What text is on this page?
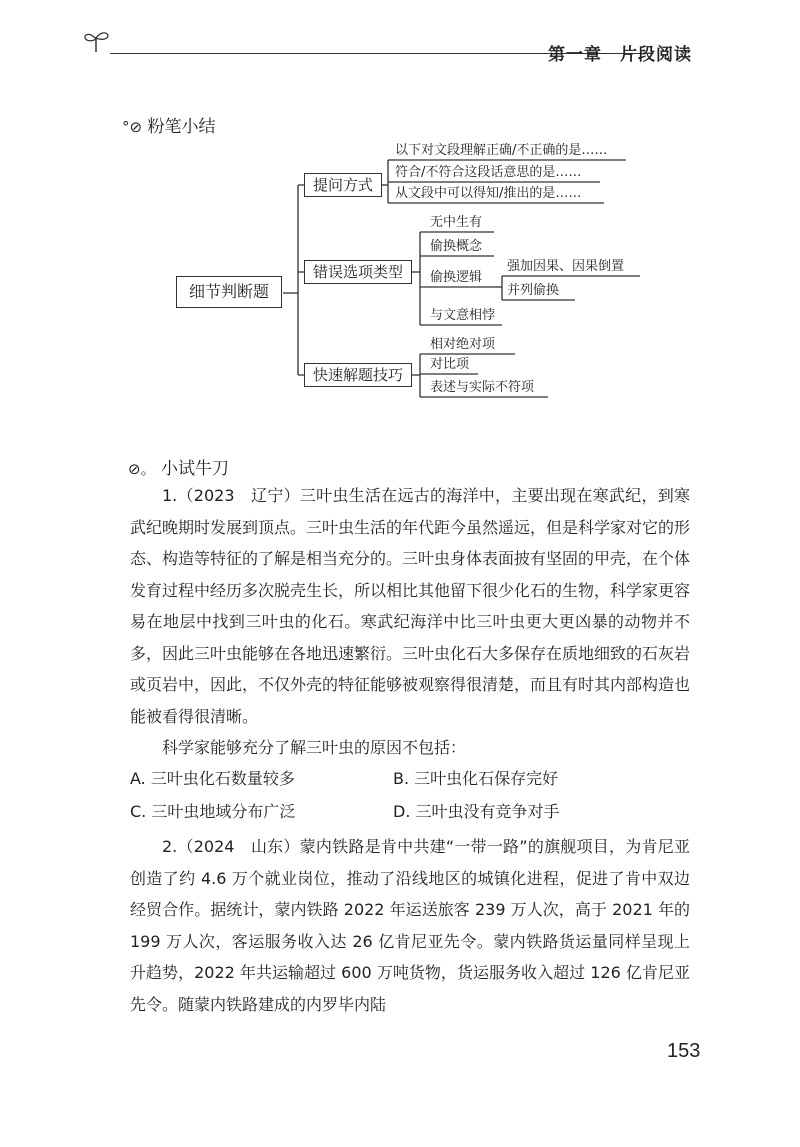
第一章　片段阅读
°⊘ 粉笔小结
细节判断题
提问方式
错误选项类型
快速解题技巧
以下对文段理解正确/不正确的是……
符合/不符合这段话意思的是……
从文段中可以得知/推出的是……
无中生有
偷换概念
偷换逻辑
与文意相悖
强加因果、因果倒置
并列偷换
相对绝对项
对比项
表述与实际不符项
⊘。 小试牛刀
1.（2023　辽宁）三叶虫生活在远古的海洋中，主要出现在寒武纪，到寒武纪晚期时发展到顶点。三叶虫生活的年代距今虽然遥远，但是科学家对它的形态、构造等特征的了解是相当充分的。三叶虫身体表面披有坚固的甲壳，在个体发育过程中经历多次脱壳生长，所以相比其他留下很少化石的生物，科学家更容易在地层中找到三叶虫的化石。寒武纪海洋中比三叶虫更大更凶暴的动物并不多，因此三叶虫能够在各地迅速繁衍。三叶虫化石大多保存在质地细致的石灰岩或页岩中，因此，不仅外壳的特征能够被观察得很清楚，而且有时其内部构造也能被看得很清晰。
科学家能够充分了解三叶虫的原因不包括：
A. 三叶虫化石数量较多	B. 三叶虫化石保存完好
C. 三叶虫地域分布广泛	D. 三叶虫没有竞争对手
2.（2024　山东）蒙内铁路是肯中共建“一带一路”的旗舰项目，为肯尼亚创造了约 4.6 万个就业岗位，推动了沿线地区的城镇化进程，促进了肯中双边经贸合作。据统计，蒙内铁路 2022 年运送旅客 239 万人次，高于 2021 年的 199 万人次，客运服务收入达 26 亿肯尼亚先令。蒙内铁路货运量同样呈现上升趋势，2022 年共运输超过 600 万吨货物，货运服务收入超过 126 亿肯尼亚先令。随蒙内铁路建成的内罗毕内陆
153
